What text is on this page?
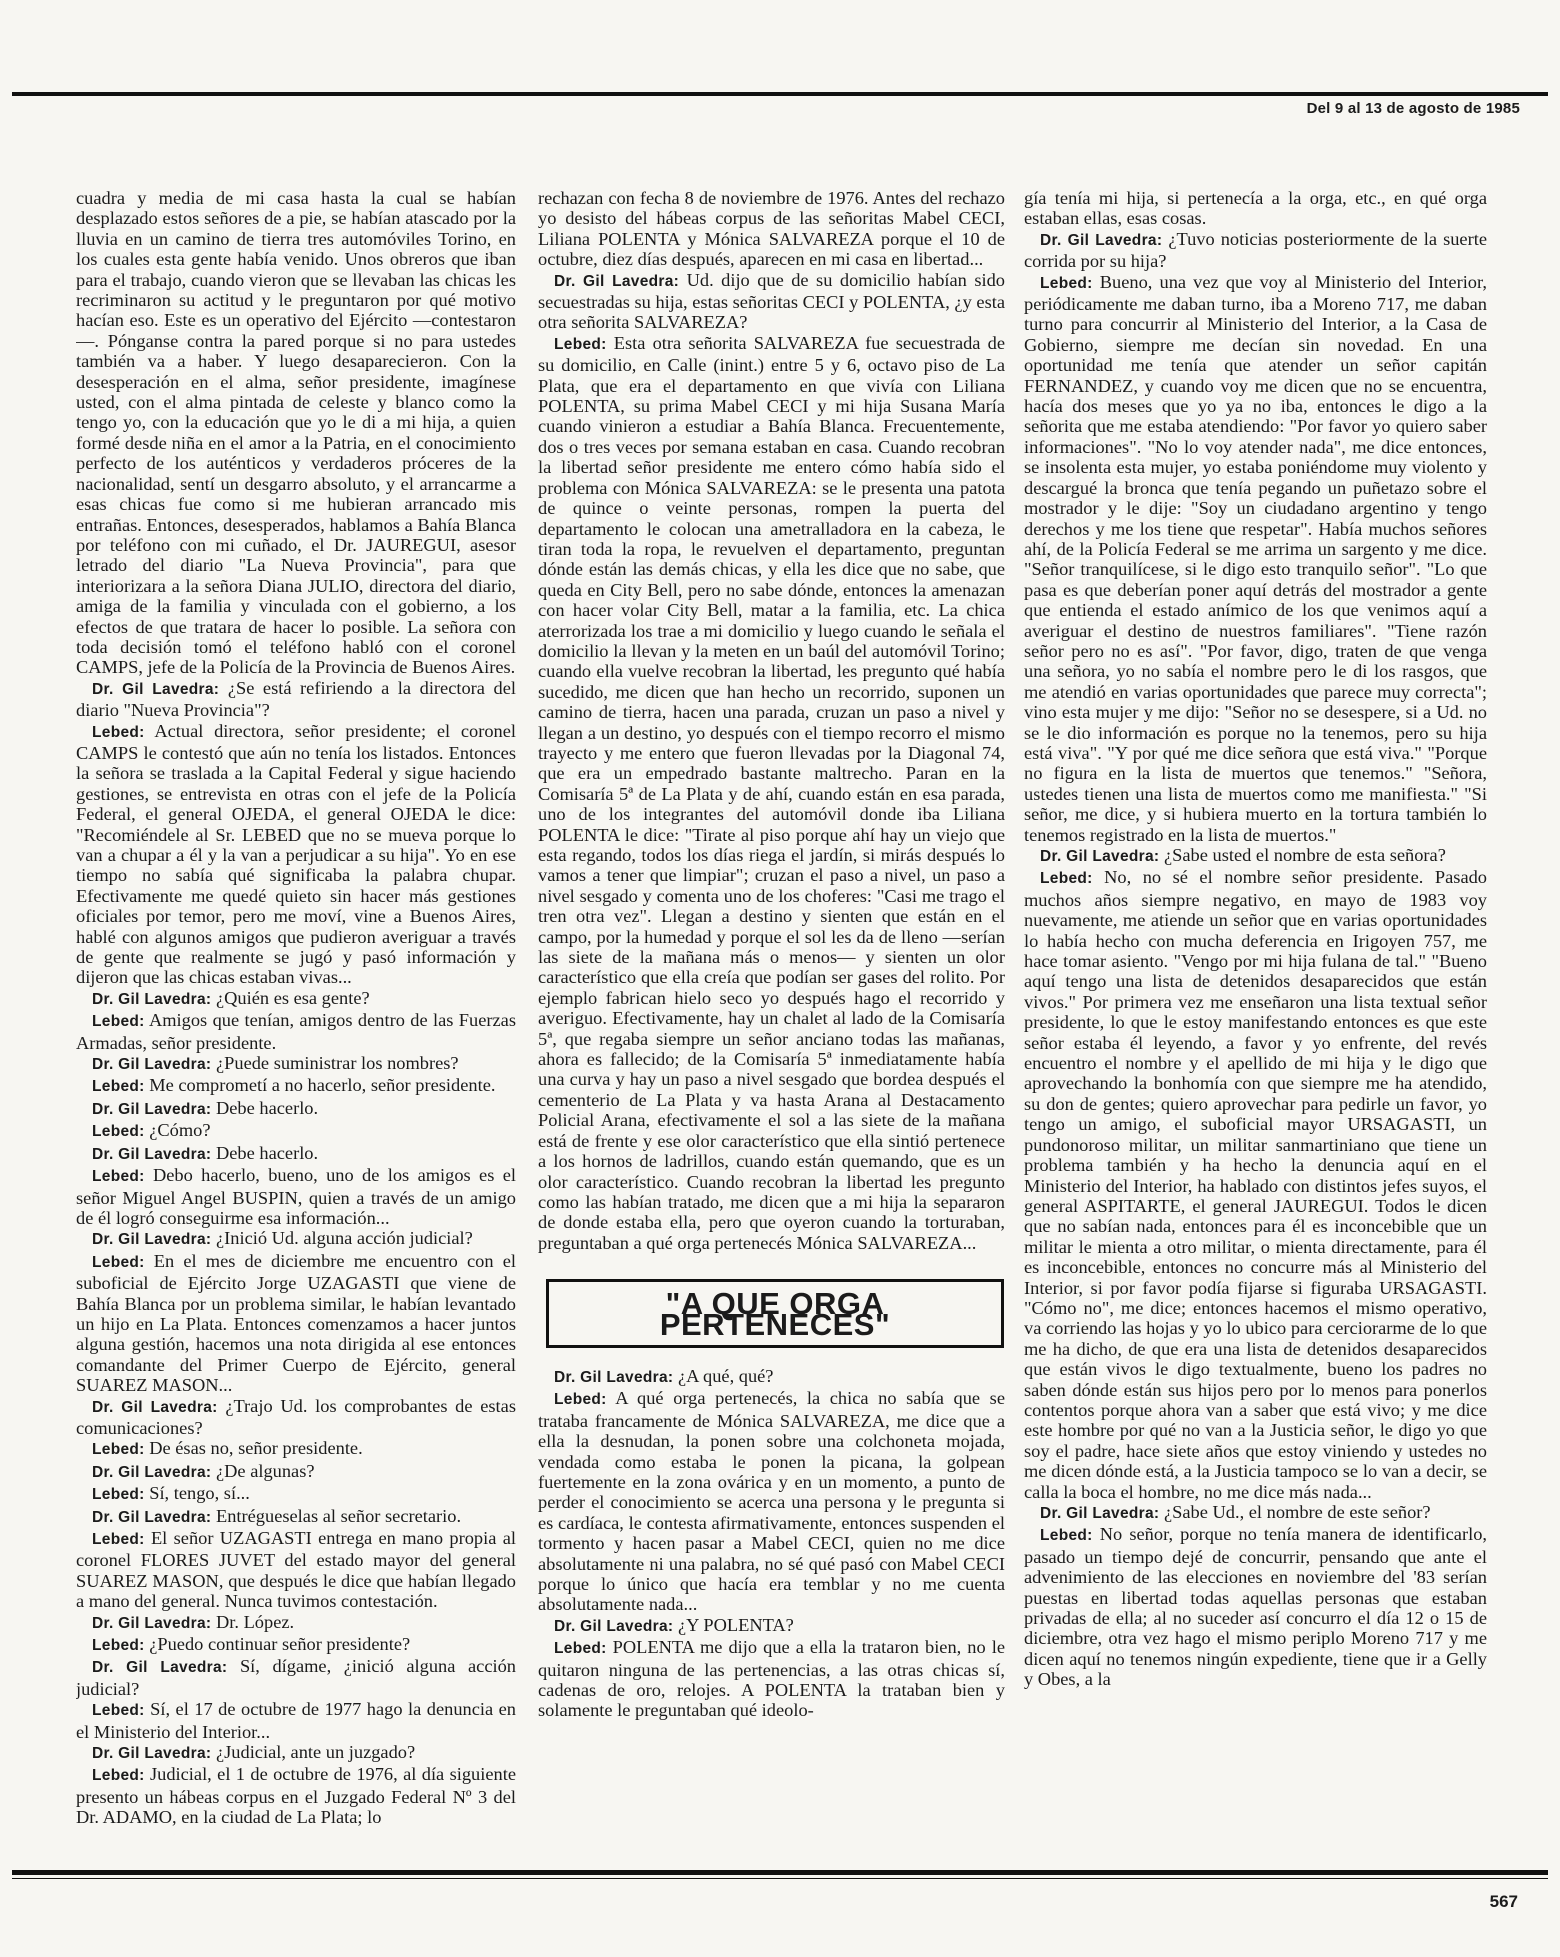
Del 9 al 13 de agosto de 1985

cuadra y media de mi casa hasta la cual se habían desplazado estos señores de a pie, se habían atascado por la lluvia en un camino de tierra tres automóviles Torino, en los cuales esta gente había venido. Unos obreros que iban para el trabajo, cuando vieron que se llevaban las chicas les recriminaron su actitud y le preguntaron por qué motivo hacían eso. Este es un operativo del Ejército —contestaron—. Pónganse contra la pared porque si no para ustedes también va a haber. Y luego desaparecieron. Con la desesperación en el alma, señor presidente, imagínese usted, con el alma pintada de celeste y blanco como la tengo yo, con la educación que yo le di a mi hija, a quien formé desde niña en el amor a la Patria, en el conocimiento perfecto de los auténticos y verdaderos próceres de la nacionalidad, sentí un desgarro absoluto, y el arrancarme a esas chicas fue como si me hubieran arrancado mis entrañas. Entonces, desesperados, hablamos a Bahía Blanca por teléfono con mi cuñado, el Dr. JAUREGUI, asesor letrado del diario "La Nueva Provincia", para que interiorizara a la señora Diana JULIO, directora del diario, amiga de la familia y vinculada con el gobierno, a los efectos de que tratara de hacer lo posible. La señora con toda decisión tomó el teléfono habló con el coronel CAMPS, jefe de la Policía de la Provincia de Buenos Aires.

Dr. Gil Lavedra: ¿Se está refiriendo a la directora del diario "Nueva Provincia"?

Lebed: Actual directora, señor presidente; el coronel CAMPS le contestó que aún no tenía los listados. Entonces la señora se traslada a la Capital Federal y sigue haciendo gestiones, se entrevista en otras con el jefe de la Policía Federal, el general OJEDA, el general OJEDA le dice: "Recomiéndele al Sr. LEBED que no se mueva porque lo van a chupar a él y la van a perjudicar a su hija". Yo en ese tiempo no sabía qué significaba la palabra chupar. Efectivamente me quedé quieto sin hacer más gestiones oficiales por temor, pero me moví, vine a Buenos Aires, hablé con algunos amigos que pudieron averiguar a través de gente que realmente se jugó y pasó información y dijeron que las chicas estaban vivas...

Dr. Gil Lavedra: ¿Quién es esa gente?

Lebed: Amigos que tenían, amigos dentro de las Fuerzas Armadas, señor presidente.

Dr. Gil Lavedra: ¿Puede suministrar los nombres?

Lebed: Me comprometí a no hacerlo, señor presidente.

Dr. Gil Lavedra: Debe hacerlo.

Lebed: ¿Cómo?

Dr. Gil Lavedra: Debe hacerlo.

Lebed: Debo hacerlo, bueno, uno de los amigos es el señor Miguel Angel BUSPIN, quien a través de un amigo de él logró conseguirme esa información...

Dr. Gil Lavedra: ¿Inició Ud. alguna acción judicial?

Lebed: En el mes de diciembre me encuentro con el suboficial de Ejército Jorge UZAGASTI que viene de Bahía Blanca por un problema similar, le habían levantado un hijo en La Plata. Entonces comenzamos a hacer juntos alguna gestión, hacemos una nota dirigida al ese entonces comandante del Primer Cuerpo de Ejército, general SUAREZ MASON...

Dr. Gil Lavedra: ¿Trajo Ud. los comprobantes de estas comunicaciones?

Lebed: De ésas no, señor presidente.

Dr. Gil Lavedra: ¿De algunas?

Lebed: Sí, tengo, sí...

Dr. Gil Lavedra: Entrégueselas al señor secretario.

Lebed: El señor UZAGASTI entrega en mano propia al coronel FLORES JUVET del estado mayor del general SUAREZ MASON, que después le dice que habían llegado a mano del general. Nunca tuvimos contestación.

Dr. Gil Lavedra: Dr. López.

Lebed: ¿Puedo continuar señor presidente?

Dr. Gil Lavedra: Sí, dígame, ¿inició alguna acción judicial?

Lebed: Sí, el 17 de octubre de 1977 hago la denuncia en el Ministerio del Interior...

Dr. Gil Lavedra: ¿Judicial, ante un juzgado?

Lebed: Judicial, el 1 de octubre de 1976, al día siguiente presento un hábeas corpus en el Juzgado Federal Nº 3 del Dr. ADAMO, en la ciudad de La Plata; lo

rechazan con fecha 8 de noviembre de 1976. Antes del rechazo yo desisto del hábeas corpus de las señoritas Mabel CECI, Liliana POLENTA y Mónica SALVAREZA porque el 10 de octubre, diez días después, aparecen en mi casa en libertad...

Dr. Gil Lavedra: Ud. dijo que de su domicilio habían sido secuestradas su hija, estas señoritas CECI y POLENTA, ¿y esta otra señorita SALVAREZA?

Lebed: Esta otra señorita SALVAREZA fue secuestrada de su domicilio, en Calle (inint.) entre 5 y 6, octavo piso de La Plata, que era el departamento en que vivía con Liliana POLENTA, su prima Mabel CECI y mi hija Susana María cuando vinieron a estudiar a Bahía Blanca. Frecuentemente, dos o tres veces por semana estaban en casa. Cuando recobran la libertad señor presidente me entero cómo había sido el problema con Mónica SALVAREZA: se le presenta una patota de quince o veinte personas, rompen la puerta del departamento le colocan una ametralladora en la cabeza, le tiran toda la ropa, le revuelven el departamento, preguntan dónde están las demás chicas, y ella les dice que no sabe, que queda en City Bell, pero no sabe dónde, entonces la amenazan con hacer volar City Bell, matar a la familia, etc. La chica aterrorizada los trae a mi domicilio y luego cuando le señala el domicilio la llevan y la meten en un baúl del automóvil Torino; cuando ella vuelve recobran la libertad, les pregunto qué había sucedido, me dicen que han hecho un recorrido, suponen un camino de tierra, hacen una parada, cruzan un paso a nivel y llegan a un destino, yo después con el tiempo recorro el mismo trayecto y me entero que fueron llevadas por la Diagonal 74, que era un empedrado bastante maltrecho. Paran en la Comisaría 5ª de La Plata y de ahí, cuando están en esa parada, uno de los integrantes del automóvil donde iba Liliana POLENTA le dice: "Tirate al piso porque ahí hay un viejo que esta regando, todos los días riega el jardín, si mirás después lo vamos a tener que limpiar"; cruzan el paso a nivel, un paso a nivel sesgado y comenta uno de los choferes: "Casi me trago el tren otra vez". Llegan a destino y sienten que están en el campo, por la humedad y porque el sol les da de lleno —serían las siete de la mañana más o menos— y sienten un olor característico que ella creía que podían ser gases del rolito. Por ejemplo fabrican hielo seco yo después hago el recorrido y averiguo. Efectivamente, hay un chalet al lado de la Comisaría 5ª, que regaba siempre un señor anciano todas las mañanas, ahora es fallecido; de la Comisaría 5ª inmediatamente había una curva y hay un paso a nivel sesgado que bordea después el cementerio de La Plata y va hasta Arana al Destacamento Policial Arana, efectivamente el sol a las siete de la mañana está de frente y ese olor característico que ella sintió pertenece a los hornos de ladrillos, cuando están quemando, que es un olor característico. Cuando recobran la libertad les pregunto como las habían tratado, me dicen que a mi hija la separaron de donde estaba ella, pero que oyeron cuando la torturaban, preguntaban a qué orga pertenecés Mónica SALVAREZA...

"A QUE ORGA PERTENECES"

Dr. Gil Lavedra: ¿A qué, qué?

Lebed: A qué orga pertenecés, la chica no sabía que se trataba francamente de Mónica SALVAREZA, me dice que a ella la desnudan, la ponen sobre una colchoneta mojada, vendada como estaba le ponen la picana, la golpean fuertemente en la zona ovárica y en un momento, a punto de perder el conocimiento se acerca una persona y le pregunta si es cardíaca, le contesta afirmativamente, entonces suspenden el tormento y hacen pasar a Mabel CECI, quien no me dice absolutamente ni una palabra, no sé qué pasó con Mabel CECI porque lo único que hacía era temblar y no me cuenta absolutamente nada...

Dr. Gil Lavedra: ¿Y POLENTA?

Lebed: POLENTA me dijo que a ella la trataron bien, no le quitaron ninguna de las pertenencias, a las otras chicas sí, cadenas de oro, relojes. A POLENTA la trataban bien y solamente le preguntaban qué ideolo-

gía tenía mi hija, si pertenecía a la orga, etc., en qué orga estaban ellas, esas cosas.

Dr. Gil Lavedra: ¿Tuvo noticias posteriormente de la suerte corrida por su hija?

Lebed: Bueno, una vez que voy al Ministerio del Interior, periódicamente me daban turno, iba a Moreno 717, me daban turno para concurrir al Ministerio del Interior, a la Casa de Gobierno, siempre me decían sin novedad. En una oportunidad me tenía que atender un señor capitán FERNANDEZ, y cuando voy me dicen que no se encuentra, hacía dos meses que yo ya no iba, entonces le digo a la señorita que me estaba atendiendo: "Por favor yo quiero saber informaciones". "No lo voy atender nada", me dice entonces, se insolenta esta mujer, yo estaba poniéndome muy violento y descargué la bronca que tenía pegando un puñetazo sobre el mostrador y le dije: "Soy un ciudadano argentino y tengo derechos y me los tiene que respetar". Había muchos señores ahí, de la Policía Federal se me arrima un sargento y me dice. "Señor tranquilícese, si le digo esto tranquilo señor". "Lo que pasa es que deberían poner aquí detrás del mostrador a gente que entienda el estado anímico de los que venimos aquí a averiguar el destino de nuestros familiares". "Tiene razón señor pero no es así". "Por favor, digo, traten de que venga una señora, yo no sabía el nombre pero le di los rasgos, que me atendió en varias oportunidades que parece muy correcta"; vino esta mujer y me dijo: "Señor no se desespere, si a Ud. no se le dio información es porque no la tenemos, pero su hija está viva". "Y por qué me dice señora que está viva." "Porque no figura en la lista de muertos que tenemos." "Señora, ustedes tienen una lista de muertos como me manifiesta." "Si señor, me dice, y si hubiera muerto en la tortura también lo tenemos registrado en la lista de muertos."

Dr. Gil Lavedra: ¿Sabe usted el nombre de esta señora?

Lebed: No, no sé el nombre señor presidente. Pasado muchos años siempre negativo, en mayo de 1983 voy nuevamente, me atiende un señor que en varias oportunidades lo había hecho con mucha deferencia en Irigoyen 757, me hace tomar asiento. "Vengo por mi hija fulana de tal." "Bueno aquí tengo una lista de detenidos desaparecidos que están vivos." Por primera vez me enseñaron una lista textual señor presidente, lo que le estoy manifestando entonces es que este señor estaba él leyendo, a favor y yo enfrente, del revés encuentro el nombre y el apellido de mi hija y le digo que aprovechando la bonhomía con que siempre me ha atendido, su don de gentes; quiero aprovechar para pedirle un favor, yo tengo un amigo, el suboficial mayor URSAGASTI, un pundonoroso militar, un militar sanmartiniano que tiene un problema también y ha hecho la denuncia aquí en el Ministerio del Interior, ha hablado con distintos jefes suyos, el general ASPITARTE, el general JAUREGUI. Todos le dicen que no sabían nada, entonces para él es inconcebible que un militar le mienta a otro militar, o mienta directamente, para él es inconcebible, entonces no concurre más al Ministerio del Interior, si por favor podía fijarse si figuraba URSAGASTI. "Cómo no", me dice; entonces hacemos el mismo operativo, va corriendo las hojas y yo lo ubico para cerciorarme de lo que me ha dicho, de que era una lista de detenidos desaparecidos que están vivos le digo textualmente, bueno los padres no saben dónde están sus hijos pero por lo menos para ponerlos contentos porque ahora van a saber que está vivo; y me dice este hombre por qué no van a la Justicia señor, le digo yo que soy el padre, hace siete años que estoy viniendo y ustedes no me dicen dónde está, a la Justicia tampoco se lo van a decir, se calla la boca el hombre, no me dice más nada...

Dr. Gil Lavedra: ¿Sabe Ud., el nombre de este señor?

Lebed: No señor, porque no tenía manera de identificarlo, pasado un tiempo dejé de concurrir, pensando que ante el advenimiento de las elecciones en noviembre del '83 serían puestas en libertad todas aquellas personas que estaban privadas de ella; al no suceder así concurro el día 12 o 15 de diciembre, otra vez hago el mismo periplo Moreno 717 y me dicen aquí no tenemos ningún expediente, tiene que ir a Gelly y Obes, a la

567
